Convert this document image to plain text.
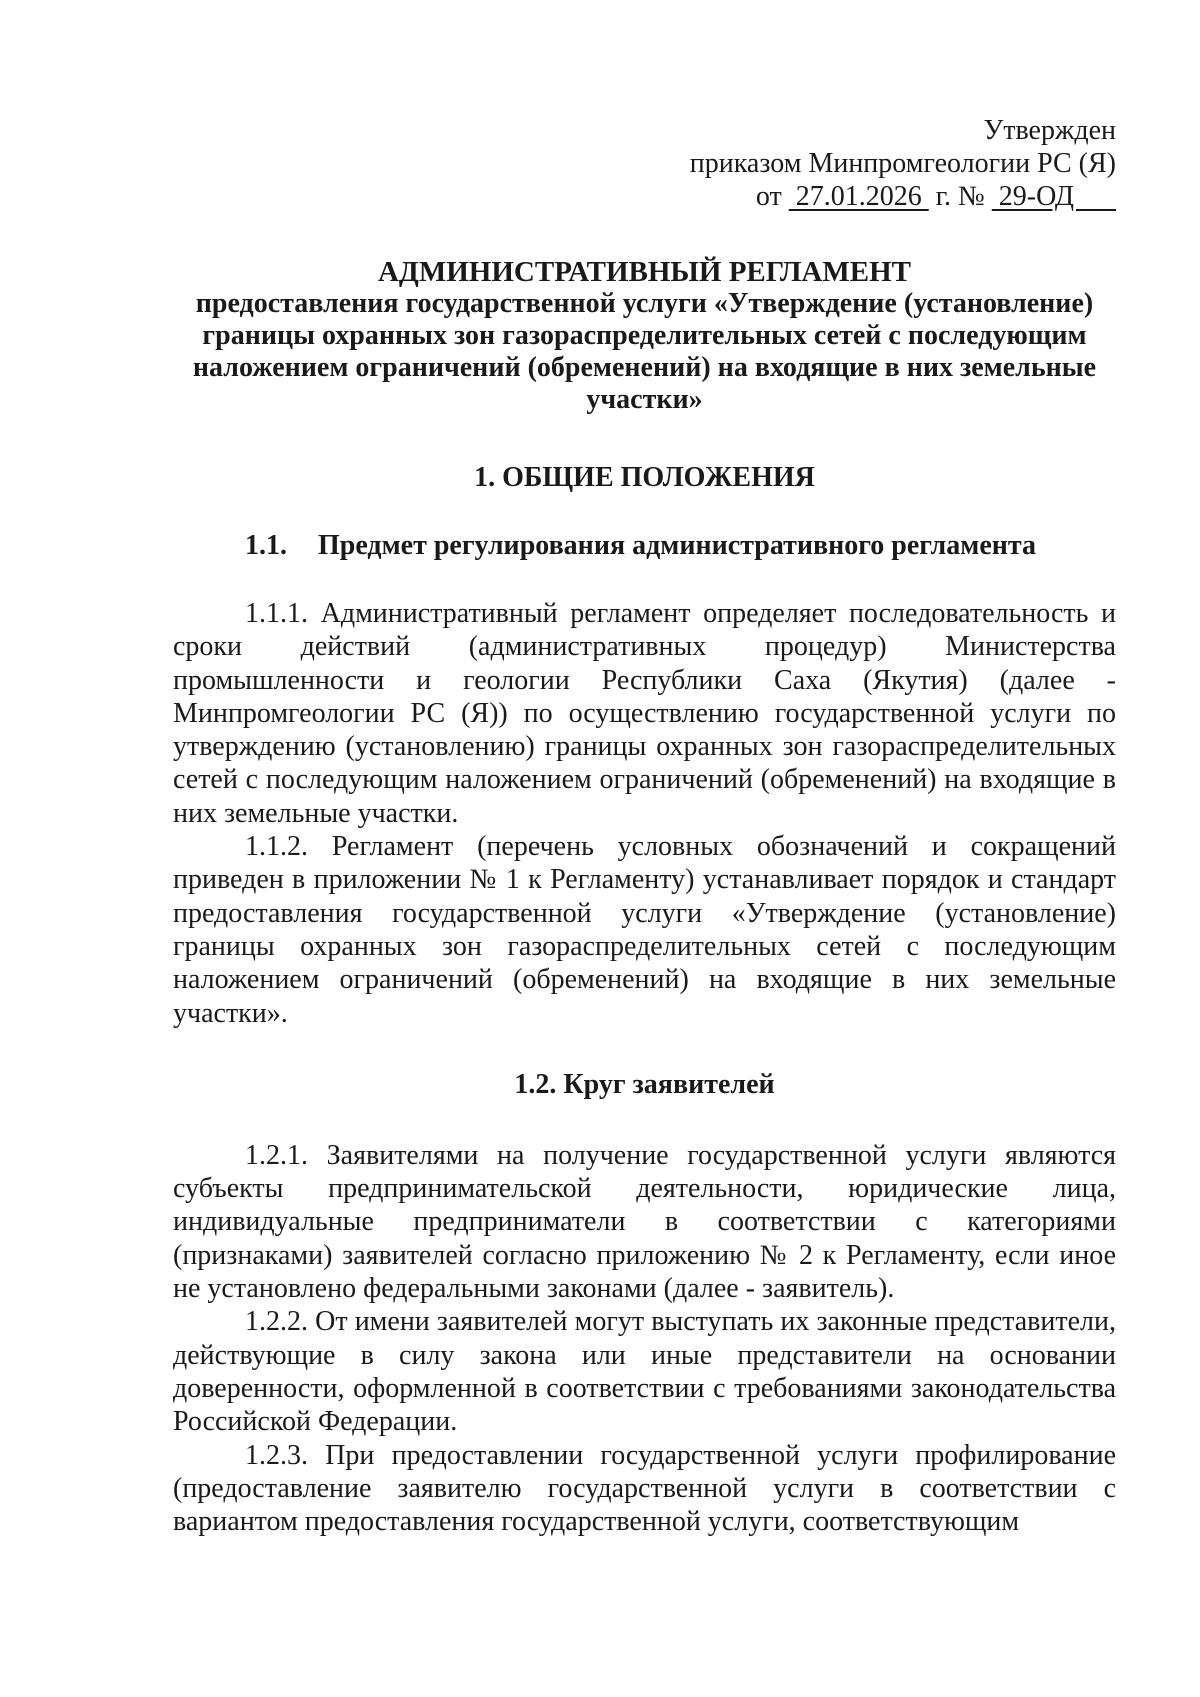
Утвержден
приказом Минпромгеологии РС (Я)
от  27.01.2026  г. №  29-ОД
АДМИНИСТРАТИВНЫЙ РЕГЛАМЕНТ
предоставления государственной услуги «Утверждение (установление) границы охранных зон газораспределительных сетей с последующим наложением ограничений (обременений) на входящие в них земельные участки»
1. ОБЩИЕ ПОЛОЖЕНИЯ
1.1. Предмет регулирования административного регламента

1.1.1. Административный регламент определяет последовательность и сроки действий (административных процедур) Министерства промышленности и геологии Республики Саха (Якутия) (далее - Минпромгеологии РС (Я)) по осуществлению государственной услуги по утверждению (установлению) границы охранных зон газораспределительных сетей с последующим наложением ограничений (обременений) на входящие в них земельные участки.

1.1.2. Регламент (перечень условных обозначений и сокращений приведен в приложении № 1 к Регламенту) устанавливает порядок и стандарт предоставления государственной услуги «Утверждение (установление) границы охранных зон газораспределительных сетей с последующим наложением ограничений (обременений) на входящие в них земельные участки».

1.2. Круг заявителей

1.2.1. Заявителями на получение государственной услуги являются субъекты предпринимательской деятельности, юридические лица, индивидуальные предприниматели в соответствии с категориями (признаками) заявителей согласно приложению № 2 к Регламенту, если иное не установлено федеральными законами (далее - заявитель).

1.2.2. От имени заявителей могут выступать их законные представители, действующие в силу закона или иные представители на основании доверенности, оформленной в соответствии с требованиями законодательства Российской Федерации.

1.2.3. При предоставлении государственной услуги профилирование (предоставление заявителю государственной услуги в соответствии с вариантом предоставления государственной услуги, соответствующим
